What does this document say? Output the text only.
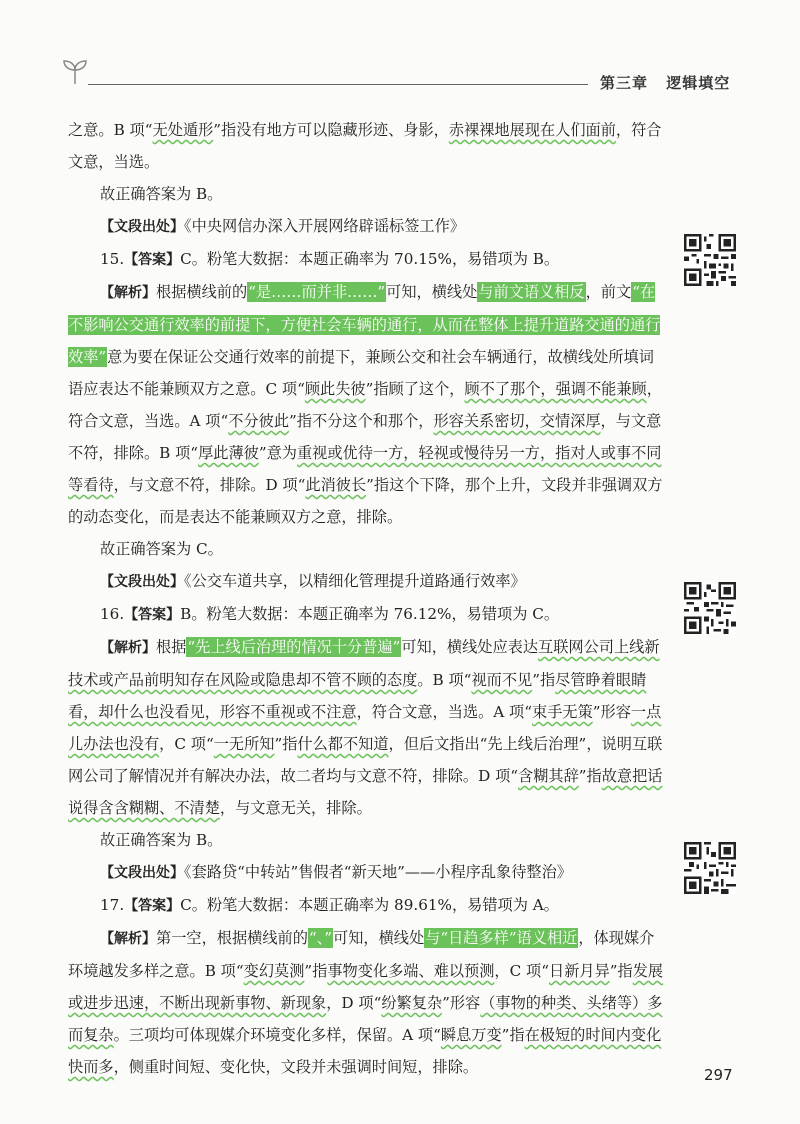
第三章 逻辑填空

之意。B 项“无处遁形”指没有地方可以隐藏形迹、身影，赤裸裸地展现在人们面前，符合文意，当选。

故正确答案为 B。

【文段出处】《中央网信办深入开展网络辟谣标签工作》

15.【答案】C。粉笔大数据：本题正确率为 70.15%，易错项为 B。

【解析】根据横线前的“是……而并非……”可知，横线处与前文语义相反，前文“在不影响公交通行效率的前提下，方便社会车辆的通行，从而在整体上提升道路交通的通行效率”意为要在保证公交通行效率的前提下，兼顾公交和社会车辆通行，故横线处所填词语应表达不能兼顾双方之意。C 项“顾此失彼”指顾了这个，顾不了那个，强调不能兼顾，符合文意，当选。A 项“不分彼此”指不分这个和那个，形容关系密切，交情深厚，与文意不符，排除。B 项“厚此薄彼”意为重视或优待一方，轻视或慢待另一方，指对人或事不同等看待，与文意不符，排除。D 项“此消彼长”指这个下降，那个上升，文段并非强调双方的动态变化，而是表达不能兼顾双方之意，排除。

故正确答案为 C。

【文段出处】《公交车道共享，以精细化管理提升道路通行效率》

16.【答案】B。粉笔大数据：本题正确率为 76.12%，易错项为 C。

【解析】根据“先上线后治理的情况十分普遍”可知，横线处应表达互联网公司上线新技术或产品前明知存在风险或隐患却不管不顾的态度。B 项“视而不见”指尽管睁着眼睛看，却什么也没看见，形容不重视或不注意，符合文意，当选。A 项“束手无策”形容一点儿办法也没有，C 项“一无所知”指什么都不知道，但后文指出“先上线后治理”，说明互联网公司了解情况并有解决办法，故二者均与文意不符，排除。D 项“含糊其辞”指故意把话说得含含糊糊、不清楚，与文意无关，排除。

故正确答案为 B。

【文段出处】《套路贷“中转站”售假者“新天地”——小程序乱象待整治》

17.【答案】C。粉笔大数据：本题正确率为 89.61%，易错项为 A。

【解析】第一空，根据横线前的“、”可知，横线处与“日趋多样”语义相近，体现媒介环境越发多样之意。B 项“变幻莫测”指事物变化多端、难以预测，C 项“日新月异”指发展或进步迅速，不断出现新事物、新现象，D 项“纷繁复杂”形容（事物的种类、头绪等）多而复杂。三项均可体现媒介环境变化多样，保留。A 项“瞬息万变”指在极短的时间内变化快而多，侧重时间短、变化快，文段并未强调时间短，排除。	297
